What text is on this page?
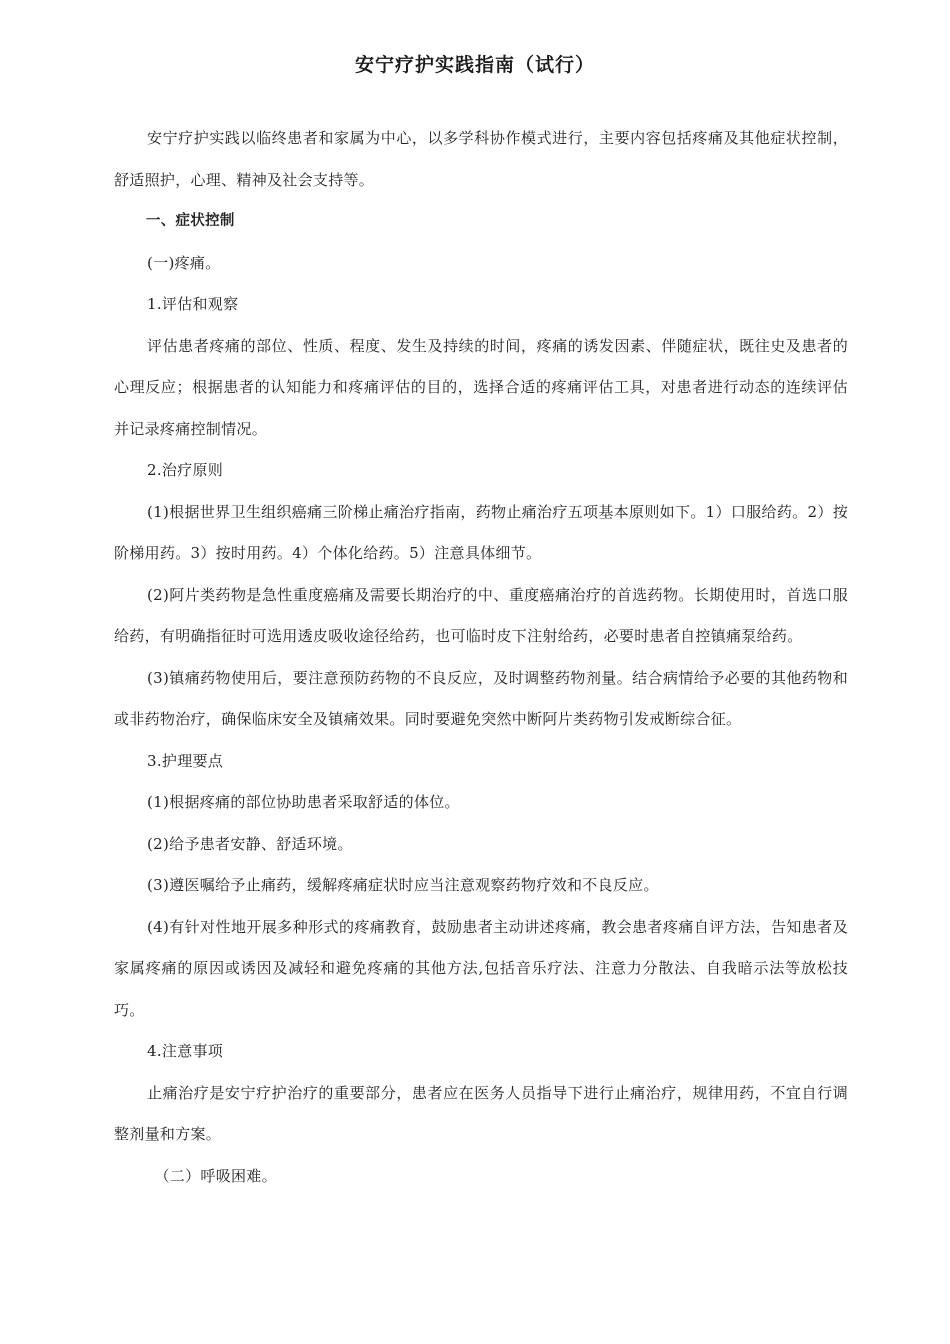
安宁疗护实践指南（试行）

安宁疗护实践以临终患者和家属为中心，以多学科协作模式进行，主要内容包括疼痛及其他症状控制，舒适照护，心理、精神及社会支持等。

一、症状控制

(一)疼痛。

1.评估和观察

评估患者疼痛的部位、性质、程度、发生及持续的时间，疼痛的诱发因素、伴随症状，既往史及患者的心理反应；根据患者的认知能力和疼痛评估的目的，选择合适的疼痛评估工具，对患者进行动态的连续评估并记录疼痛控制情况。

2.治疗原则

(1)根据世界卫生组织癌痛三阶梯止痛治疗指南，药物止痛治疗五项基本原则如下。1）口服给药。2）按阶梯用药。3）按时用药。4）个体化给药。5）注意具体细节。

(2)阿片类药物是急性重度癌痛及需要长期治疗的中、重度癌痛治疗的首选药物。长期使用时，首选口服给药，有明确指征时可选用透皮吸收途径给药，也可临时皮下注射给药，必要时患者自控镇痛泵给药。

(3)镇痛药物使用后，要注意预防药物的不良反应，及时调整药物剂量。结合病情给予必要的其他药物和或非药物治疗，确保临床安全及镇痛效果。同时要避免突然中断阿片类药物引发戒断综合征。

3.护理要点

(1)根据疼痛的部位协助患者采取舒适的体位。

(2)给予患者安静、舒适环境。

(3)遵医嘱给予止痛药，缓解疼痛症状时应当注意观察药物疗效和不良反应。

(4)有针对性地开展多种形式的疼痛教育，鼓励患者主动讲述疼痛，教会患者疼痛自评方法，告知患者及家属疼痛的原因或诱因及减轻和避免疼痛的其他方法,包括音乐疗法、注意力分散法、自我暗示法等放松技巧。

4.注意事项

止痛治疗是安宁疗护治疗的重要部分，患者应在医务人员指导下进行止痛治疗，规律用药，不宜自行调整剂量和方案。

（二）呼吸困难。
